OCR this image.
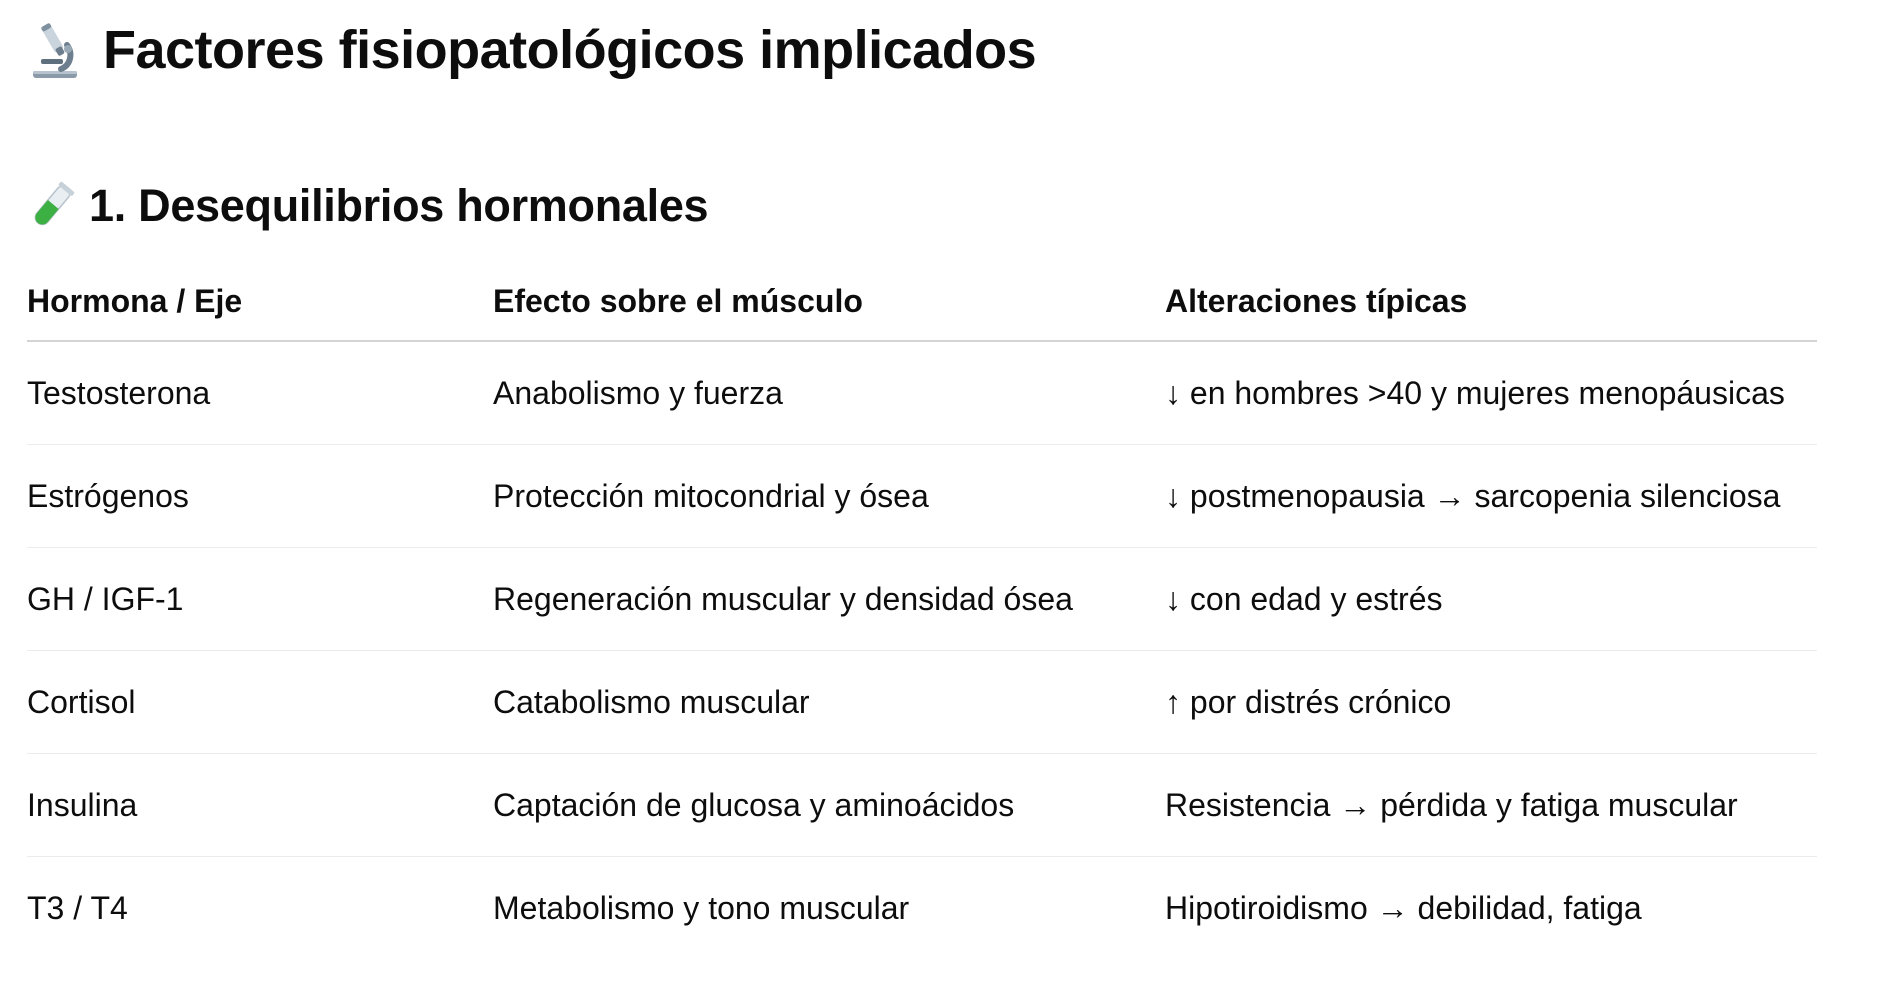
Factores fisiopatológicos implicados
1. Desequilibrios hormonales
Hormona / Eje	Efecto sobre el músculo	Alteraciones típicas
Testosterona	Anabolismo y fuerza	↓ en hombres >40 y mujeres menopáusicas
Estrógenos	Protección mitocondrial y ósea	↓ postmenopausia → sarcopenia silenciosa
GH / IGF-1	Regeneración muscular y densidad ósea	↓ con edad y estrés
Cortisol	Catabolismo muscular	↑ por distrés crónico
Insulina	Captación de glucosa y aminoácidos	Resistencia → pérdida y fatiga muscular
T3 / T4	Metabolismo y tono muscular	Hipotiroidismo → debilidad, fatiga
